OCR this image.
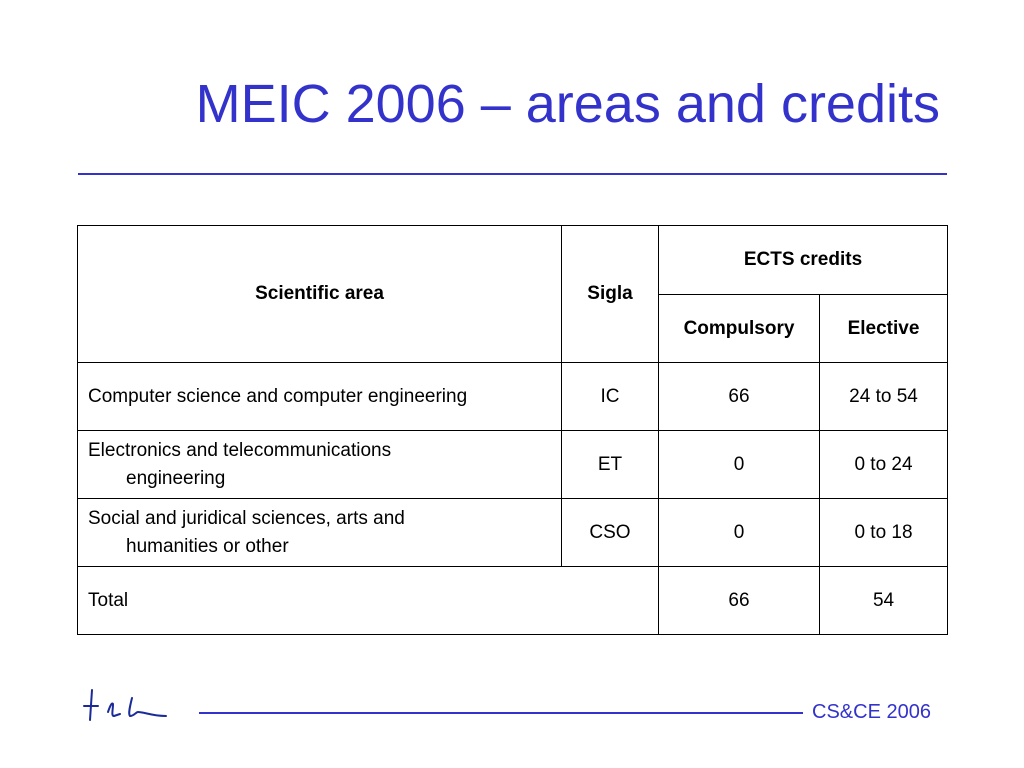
MEIC 2006 – areas and credits
Scientific area	Sigla	ECTS credits	
		Compulsory	Elective

Computer science and computer engineering	IC	66	24 to 54

Electronics and telecommunications engineering	ET	0	0 to 24

Social and juridical sciences, arts and humanities or other	CSO	0	0 to 18
Total		66	54
CS&CE 2006
